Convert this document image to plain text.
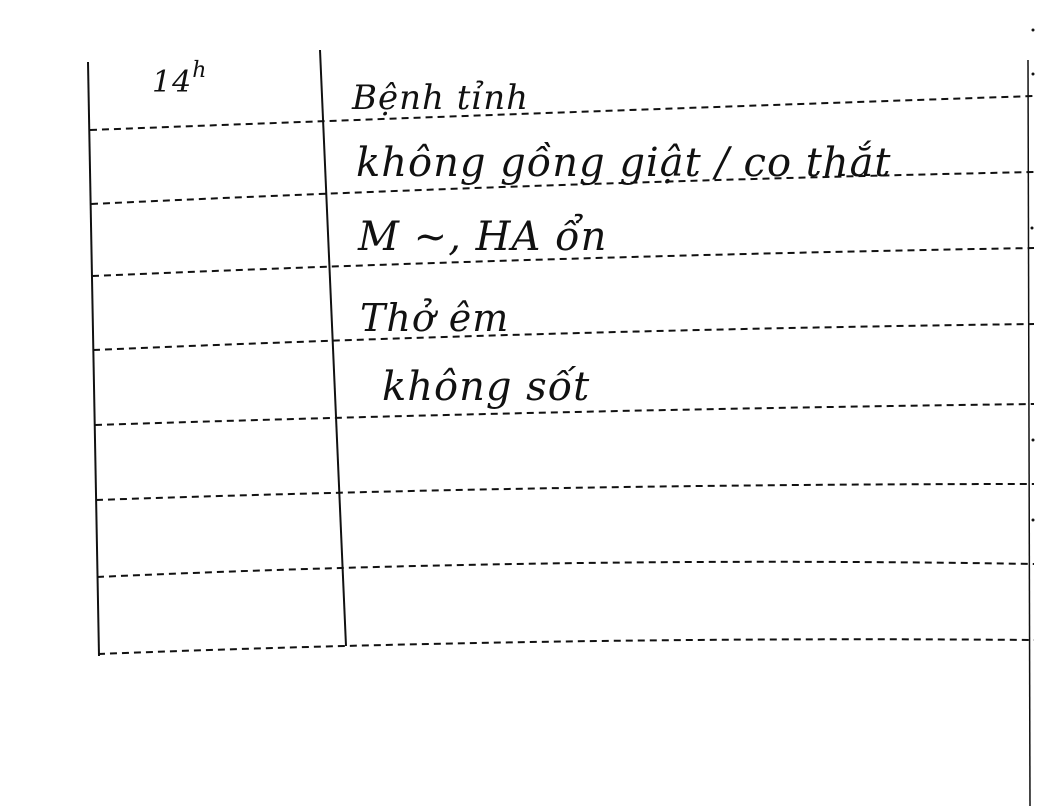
14$^h$
Bệnh tỉnh
không gồng giật / co thắt
M ~, HA ổn
Thở êm
không sốt
